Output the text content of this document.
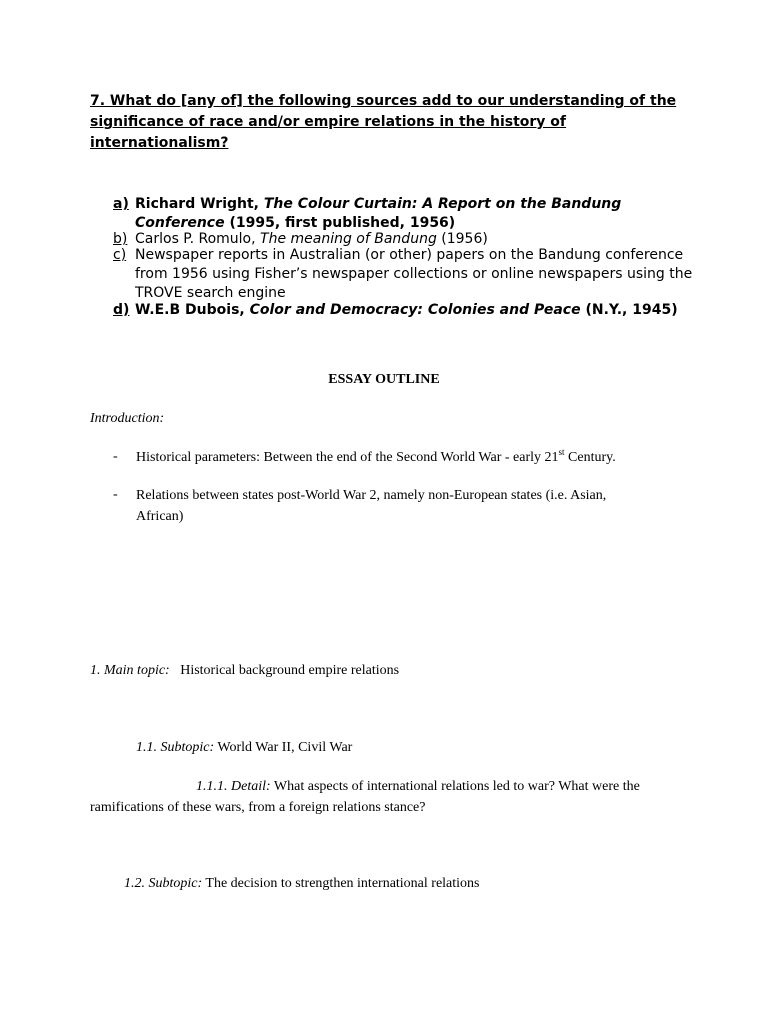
7. What do [any of] the following sources add to our understanding of the significance of race and/or empire relations in the history of internationalism?
a) Richard Wright, The Colour Curtain: A Report on the Bandung Conference (1995, first published, 1956)
b) Carlos P. Romulo, The meaning of Bandung (1956)
c) Newspaper reports in Australian (or other) papers on the Bandung conference from 1956 using Fisher’s newspaper collections or online newspapers using the TROVE search engine
d) W.E.B Dubois, Color and Democracy: Colonies and Peace (N.Y., 1945)
ESSAY OUTLINE
Introduction:
- Historical parameters: Between the end of the Second World War - early 21st Century.
- Relations between states post-World War 2, namely non-European states (i.e. Asian, African)
1. Main topic: Historical background empire relations
1.1. Subtopic: World War II, Civil War
1.1.1. Detail: What aspects of international relations led to war? What were the
ramifications of these wars, from a foreign relations stance?
1.2. Subtopic: The decision to strengthen international relations
